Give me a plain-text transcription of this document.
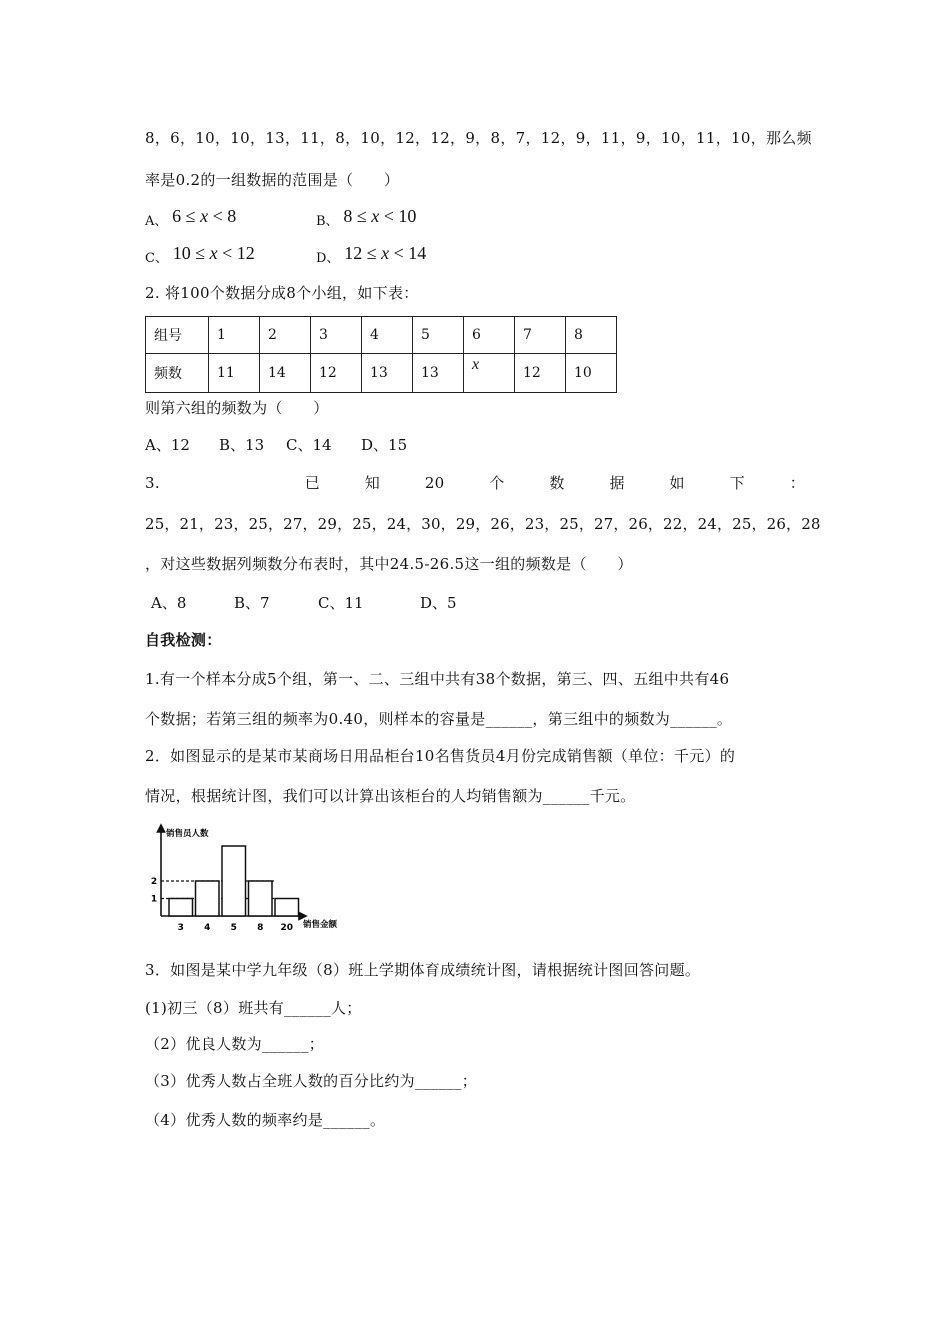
8，6，10，10，13，11，8，10，12，12，9，8，7，12，9，11，9，10，11，10，那么频
率是0.2的一组数据的范围是（　　）
A、 6 ≤ x < 8	B、 8 ≤ x < 10
C、 10 ≤ x < 12	D、 12 ≤ x < 14
2. 将100个数据分成8个小组，如下表：
组号	1	2	3	4	5	6	7	8
频数	11	14	12	13	13	x	12	10
则第六组的频数为（　　）
A、12 B、13 C、14 D、15
3.	已	知	20	个	数	据	如	下	：
25，21，23，25，27，29，25，24，30，29，26，23，25，27，26，22，24，25，26，28
，对这些数据列频数分布表时，其中24.5-26.5这一组的频数是（　　）
A、8	B、7	C、11	D、5
自我检测：
1.有一个样本分成5个组，第一、二、三组中共有38个数据，第三、四、五组中共有46
个数据；若第三组的频率为0.40，则样本的容量是______，第三组中的频数为______。
2．如图显示的是某市某商场日用品柜台10名售货员4月份完成销售额（单位：千元）的
情况，根据统计图，我们可以计算出该柜台的人均销售额为______千元。
销售员人数
销售金额
1
2
3 4 5 8 20
3．如图是某中学九年级（8）班上学期体育成绩统计图，请根据统计图回答问题。
(1)初三（8）班共有______人；
（2）优良人数为______；
（3）优秀人数占全班人数的百分比约为______；
（4）优秀人数的频率约是______。
